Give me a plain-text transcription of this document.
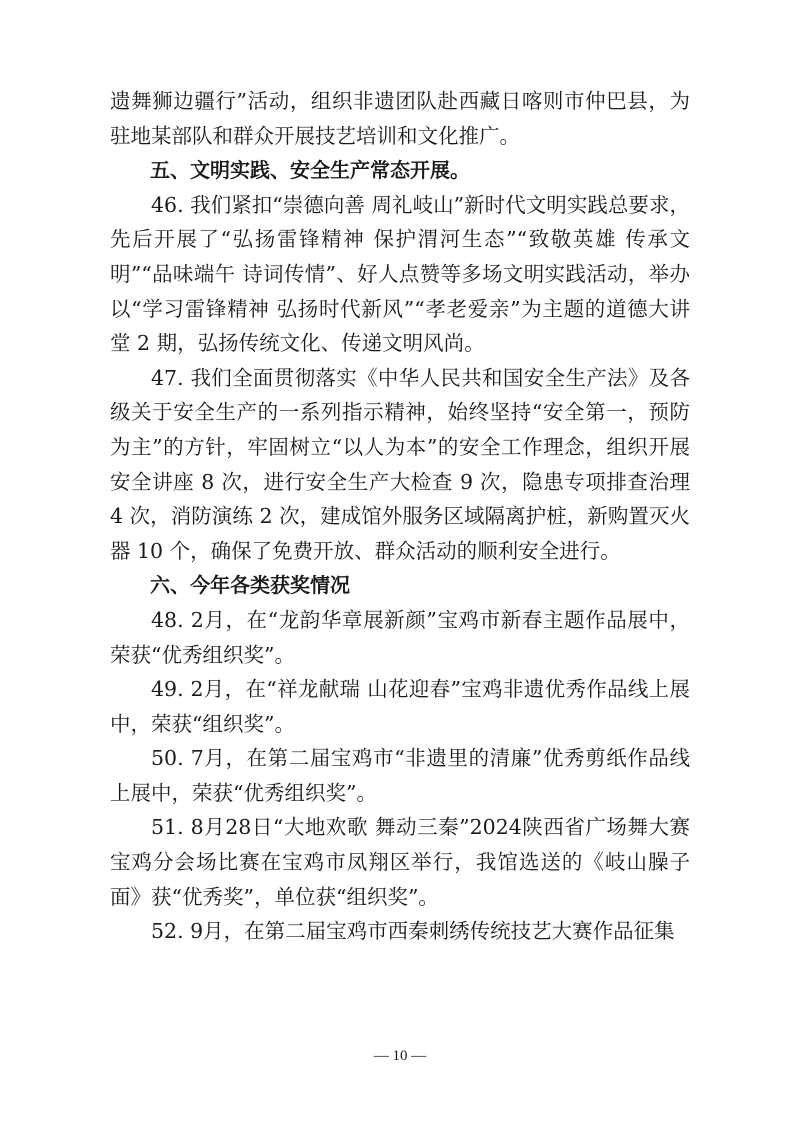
遗舞狮边疆行”活动，组织非遗团队赴西藏日喀则市仲巴县，为驻地某部队和群众开展技艺培训和文化推广。

五、文明实践、安全生产常态开展。

46. 我们紧扣“崇德向善 周礼岐山”新时代文明实践总要求，先后开展了“弘扬雷锋精神 保护渭河生态”“致敬英雄 传承文明”“品味端午 诗词传情”、好人点赞等多场文明实践活动，举办以“学习雷锋精神 弘扬时代新风”“孝老爱亲”为主题的道德大讲堂 2 期，弘扬传统文化、传递文明风尚。

47. 我们全面贯彻落实《中华人民共和国安全生产法》及各级关于安全生产的一系列指示精神，始终坚持“安全第一，预防为主”的方针，牢固树立“以人为本”的安全工作理念，组织开展安全讲座 8 次，进行安全生产大检查 9 次，隐患专项排查治理 4 次，消防演练 2 次，建成馆外服务区域隔离护桩，新购置灭火器 10 个，确保了免费开放、群众活动的顺利安全进行。

六、今年各类获奖情况

48. 2月，在“龙韵华章展新颜”宝鸡市新春主题作品展中，荣获“优秀组织奖”。

49. 2月，在“祥龙献瑞 山花迎春”宝鸡非遗优秀作品线上展中，荣获“组织奖”。

50. 7月，在第二届宝鸡市“非遗里的清廉”优秀剪纸作品线上展中，荣获“优秀组织奖”。

51. 8月28日“大地欢歌 舞动三秦”2024陕西省广场舞大赛宝鸡分会场比赛在宝鸡市凤翔区举行，我馆选送的《岐山臊子面》获“优秀奖”，单位获“组织奖”。

52. 9月，在第二届宝鸡市西秦刺绣传统技艺大赛作品征集

— 10 —
